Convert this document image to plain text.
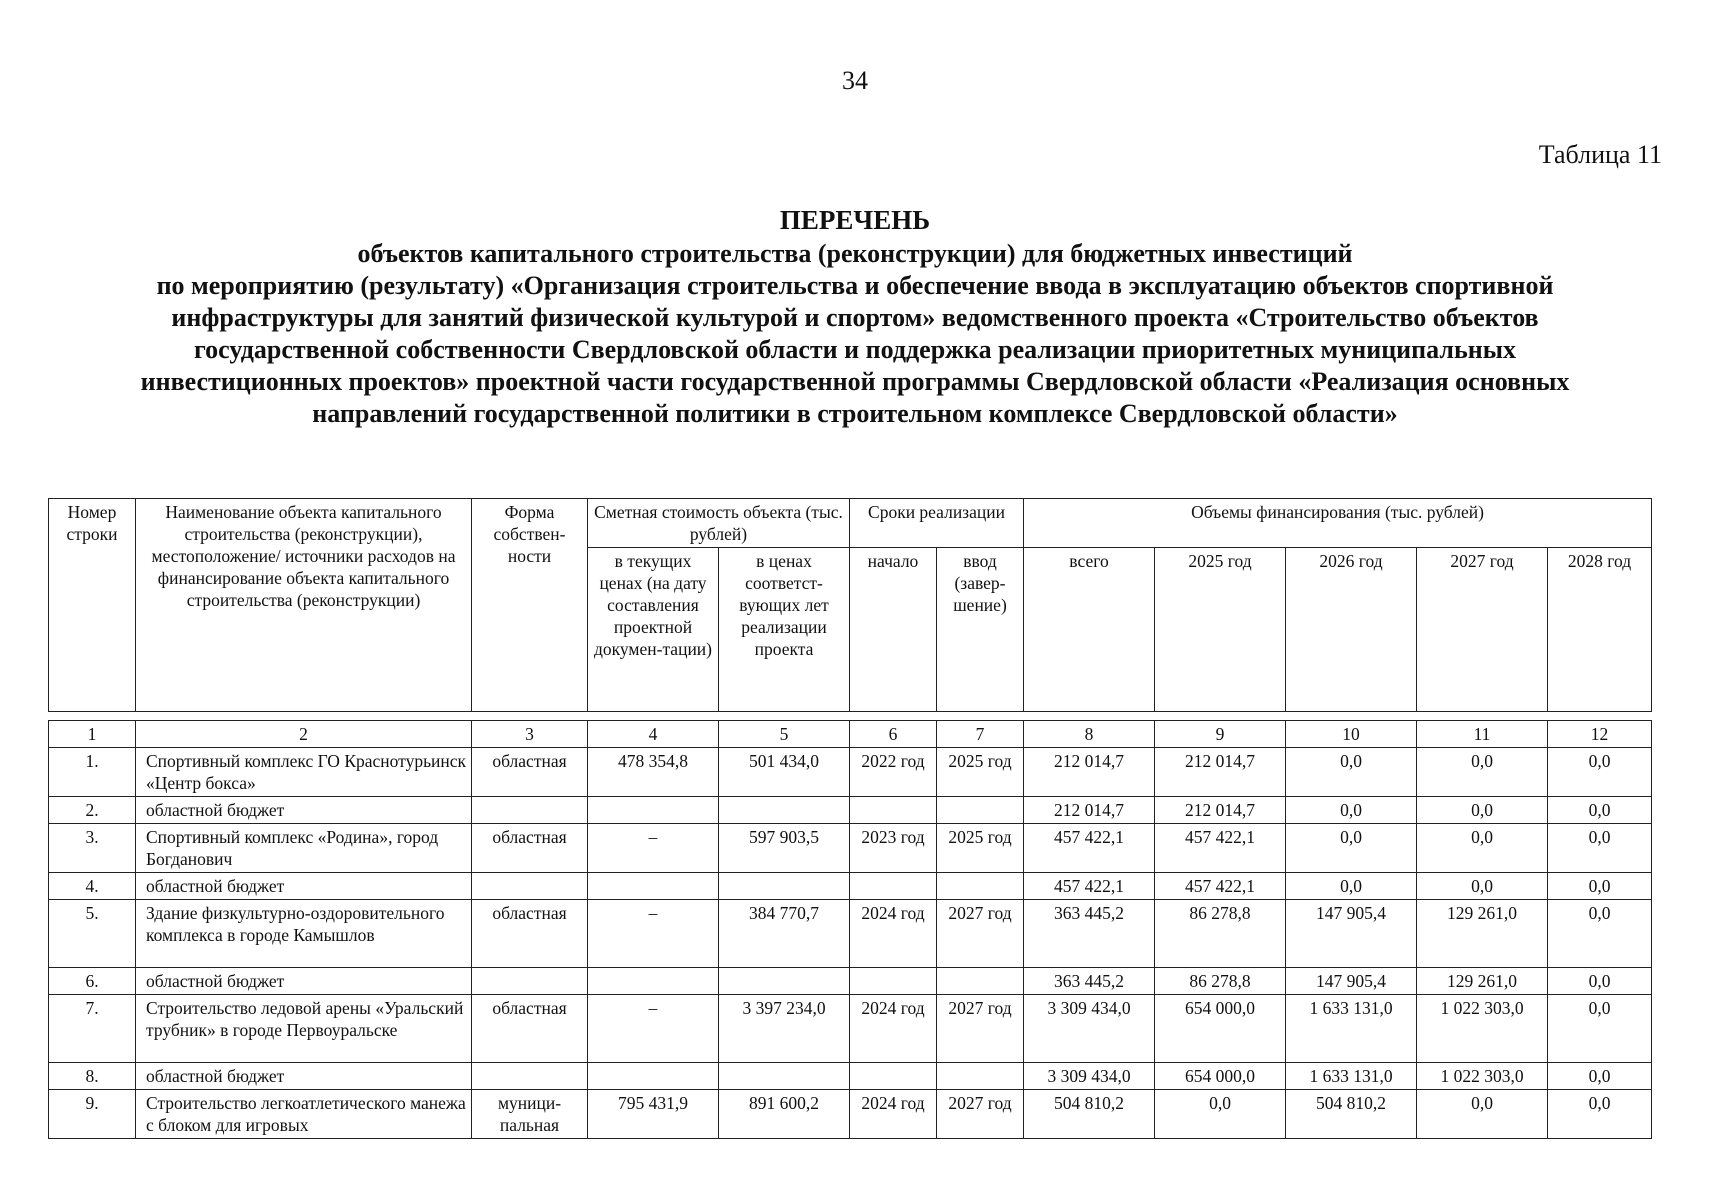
34
Таблица 11
ПЕРЕЧЕНЬ
объектов капитального строительства (реконструкции) для бюджетных инвестиций
по мероприятию (результату) «Организация строительства и обеспечение ввода в эксплуатацию объектов спортивной
инфраструктуры для занятий физической культурой и спортом» ведомственного проекта «Строительство объектов
государственной собственности Свердловской области и поддержка реализации приоритетных муниципальных
инвестиционных проектов» проектной части государственной программы Свердловской области «Реализация основных
направлений государственной политики в строительном комплексе Свердловской области»
Номер строки	Наименование объекта капитального строительства (реконструкции), местоположение/ источники расходов на финансирование объекта капитального строительства (реконструкции)	Форма собствен-ности	Сметная стоимость объекта (тыс. рублей)		Сроки реализации		Объемы финансирования (тыс. рублей)				
			в текущих ценах (на дату составления проектной докумен-тации)	в ценах соответст-вующих лет реализации проекта	начало	ввод (завер-шение)	всего	2025 год	2026 год	2027 год	2028 год
1	2	3	4	5	6	7	8	9	10	11	12
1.	Спортивный комплекс ГО Краснотурьинск «Центр бокса»	областная	478 354,8	501 434,0	2022 год	2025 год	212 014,7	212 014,7	0,0	0,0	0,0
2.	областной бюджет						212 014,7	212 014,7	0,0	0,0	0,0
3.	Спортивный комплекс «Родина», город Богданович	областная	–	597 903,5	2023 год	2025 год	457 422,1	457 422,1	0,0	0,0	0,0
4.	областной бюджет						457 422,1	457 422,1	0,0	0,0	0,0
5.	Здание физкультурно-оздоровительного комплекса в городе Камышлов	областная	–	384 770,7	2024 год	2027 год	363 445,2	86 278,8	147 905,4	129 261,0	0,0
6.	областной бюджет						363 445,2	86 278,8	147 905,4	129 261,0	0,0
7.	Строительство ледовой арены «Уральский трубник» в городе Первоуральске	областная	–	3 397 234,0	2024 год	2027 год	3 309 434,0	654 000,0	1 633 131,0	1 022 303,0	0,0
8.	областной бюджет						3 309 434,0	654 000,0	1 633 131,0	1 022 303,0	0,0
9.	Строительство легкоатлетического манежа с блоком для игровых	муници-пальная	795 431,9	891 600,2	2024 год	2027 год	504 810,2	0,0	504 810,2	0,0	0,0
